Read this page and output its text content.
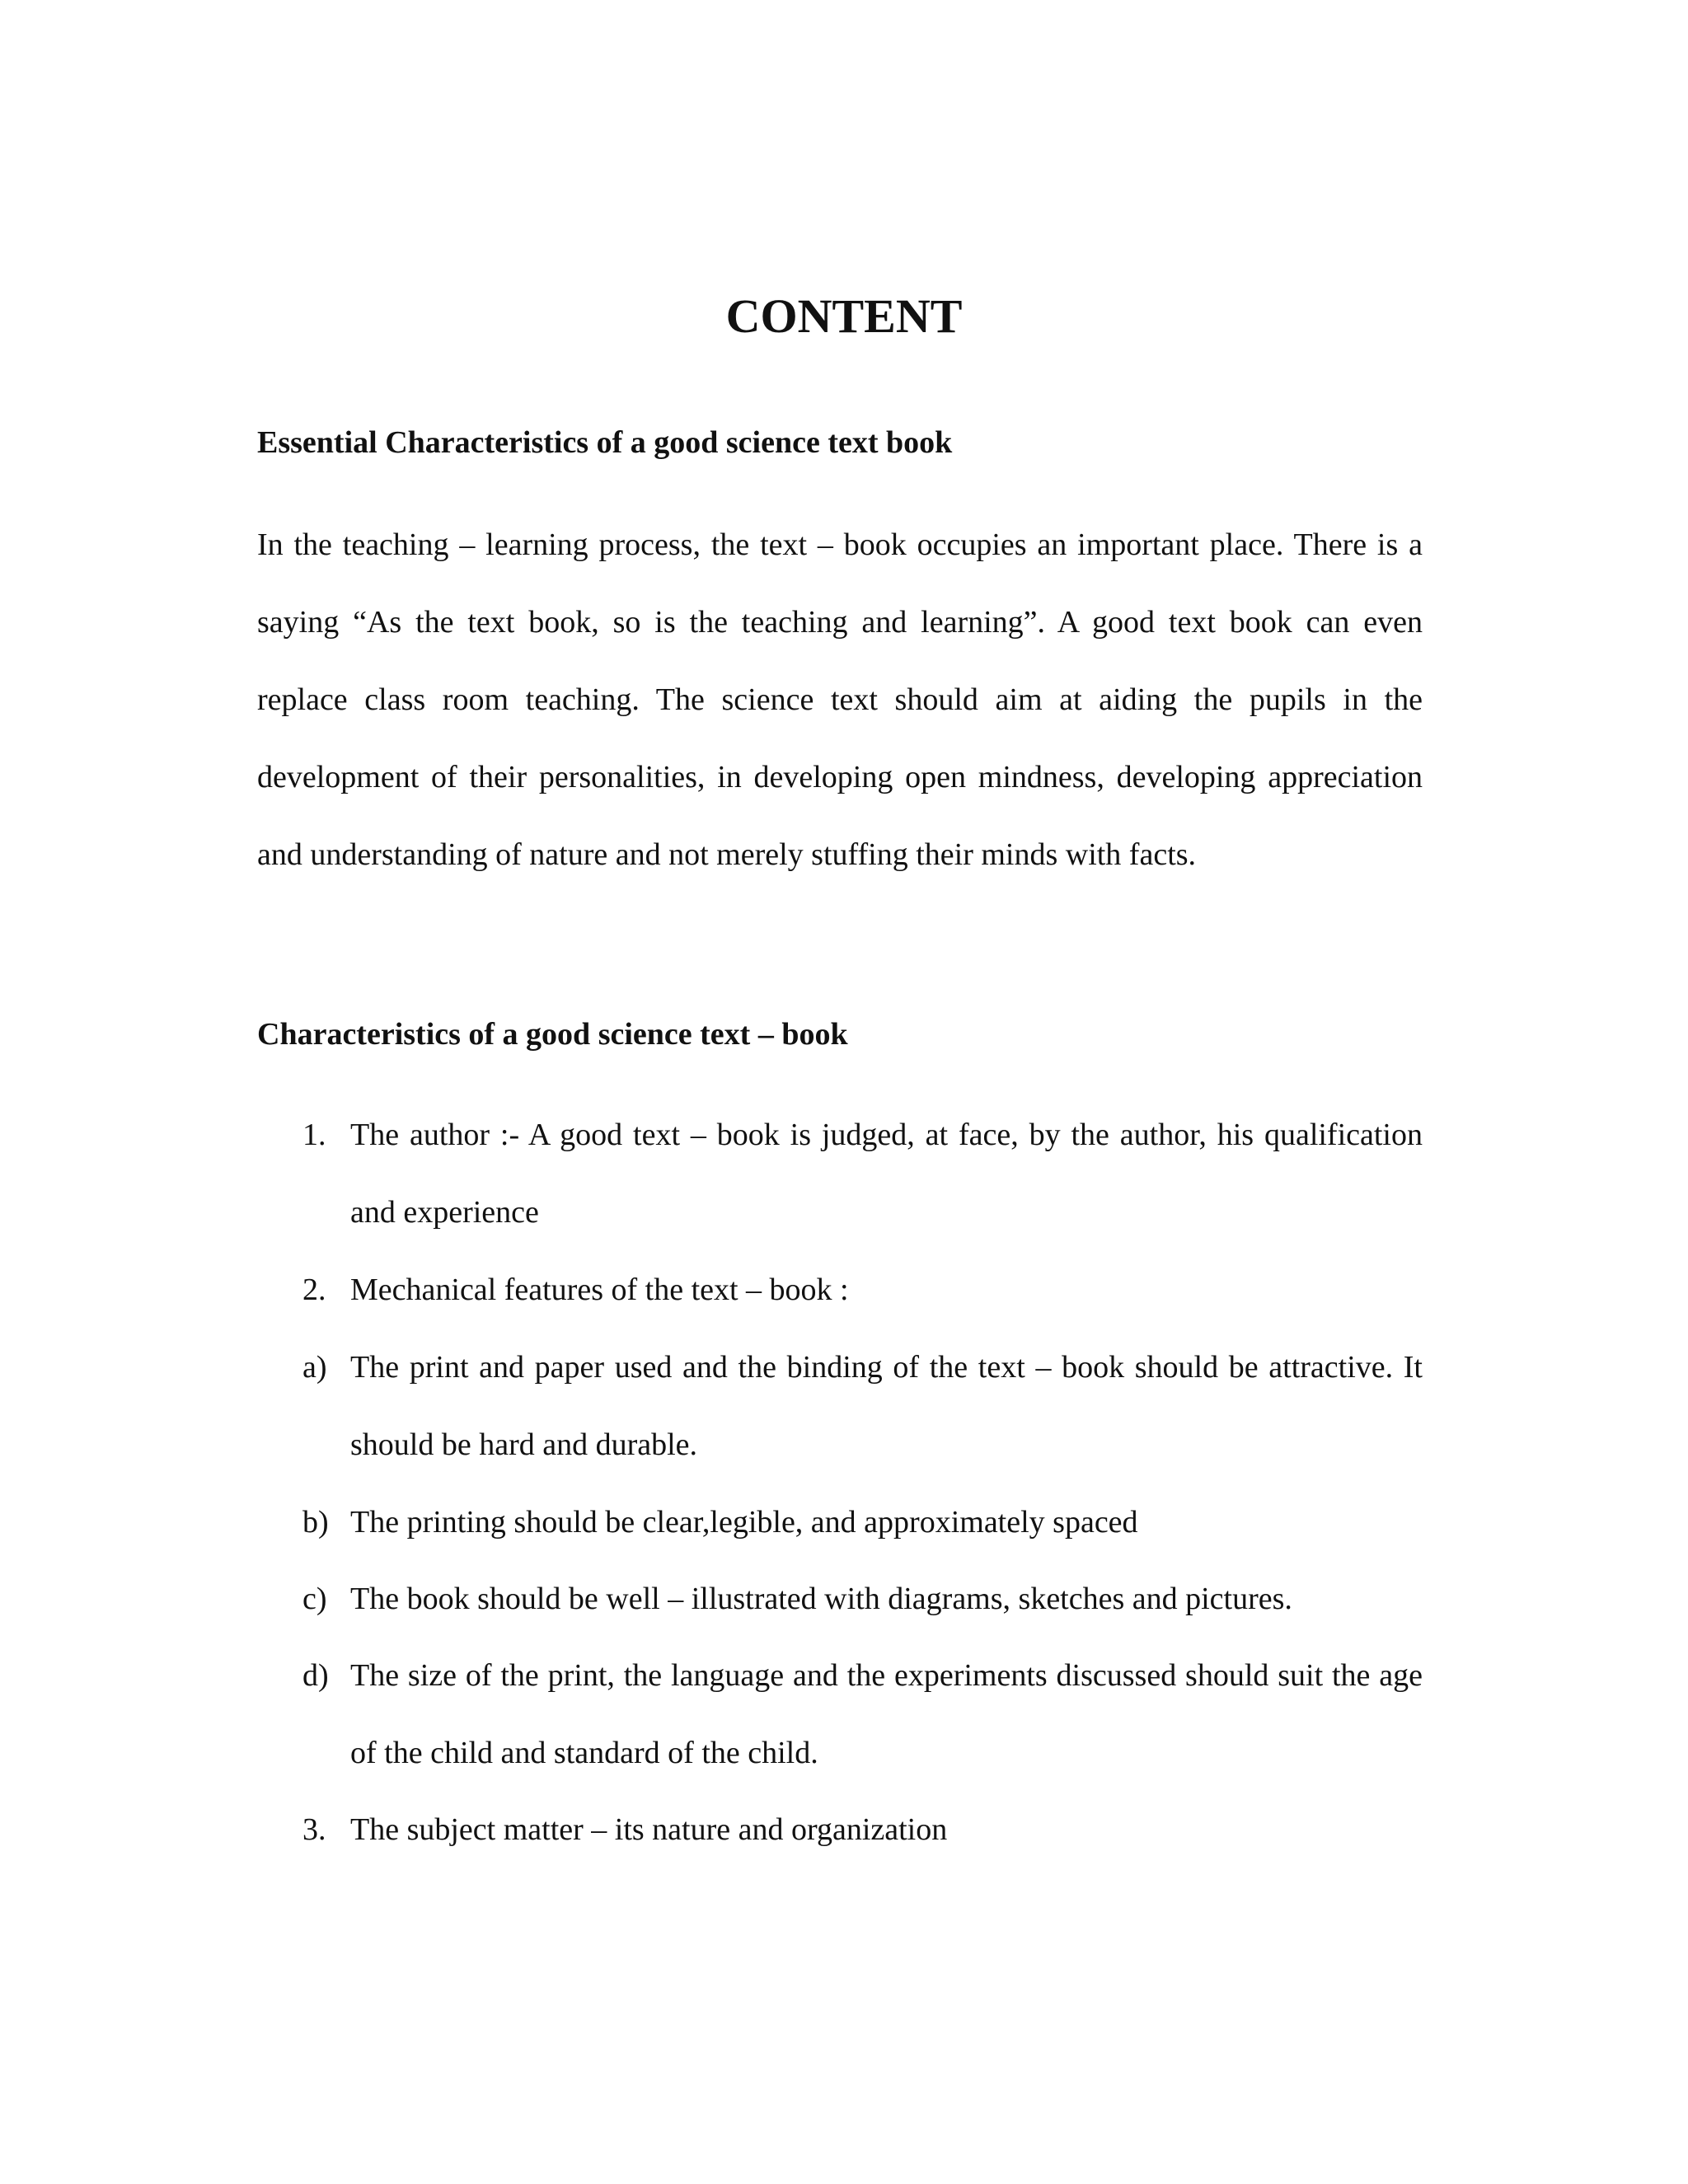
CONTENT
Essential Characteristics of a good science text book

In the teaching – learning process, the text – book occupies an important place. There is a saying “As the text book, so is the teaching and learning”. A good text book can even replace class room teaching. The science text should aim at aiding the pupils in the development of their personalities, in developing open mindness, developing appreciation and understanding of nature and not merely stuffing their minds with facts.

Characteristics of a good science text – book
1. The author :- A good text – book is judged, at face, by the author, his qualification and experience
2. Mechanical features of the text – book :
a) The print and paper used and the binding of the text – book should be attractive. It should be hard and durable.
b) The printing should be clear,legible, and approximately spaced
c) The book should be well – illustrated with diagrams, sketches and pictures.
d) The size of the print, the language and the experiments discussed should suit the age of the child and standard of the child.
3. The subject matter – its nature and organization
